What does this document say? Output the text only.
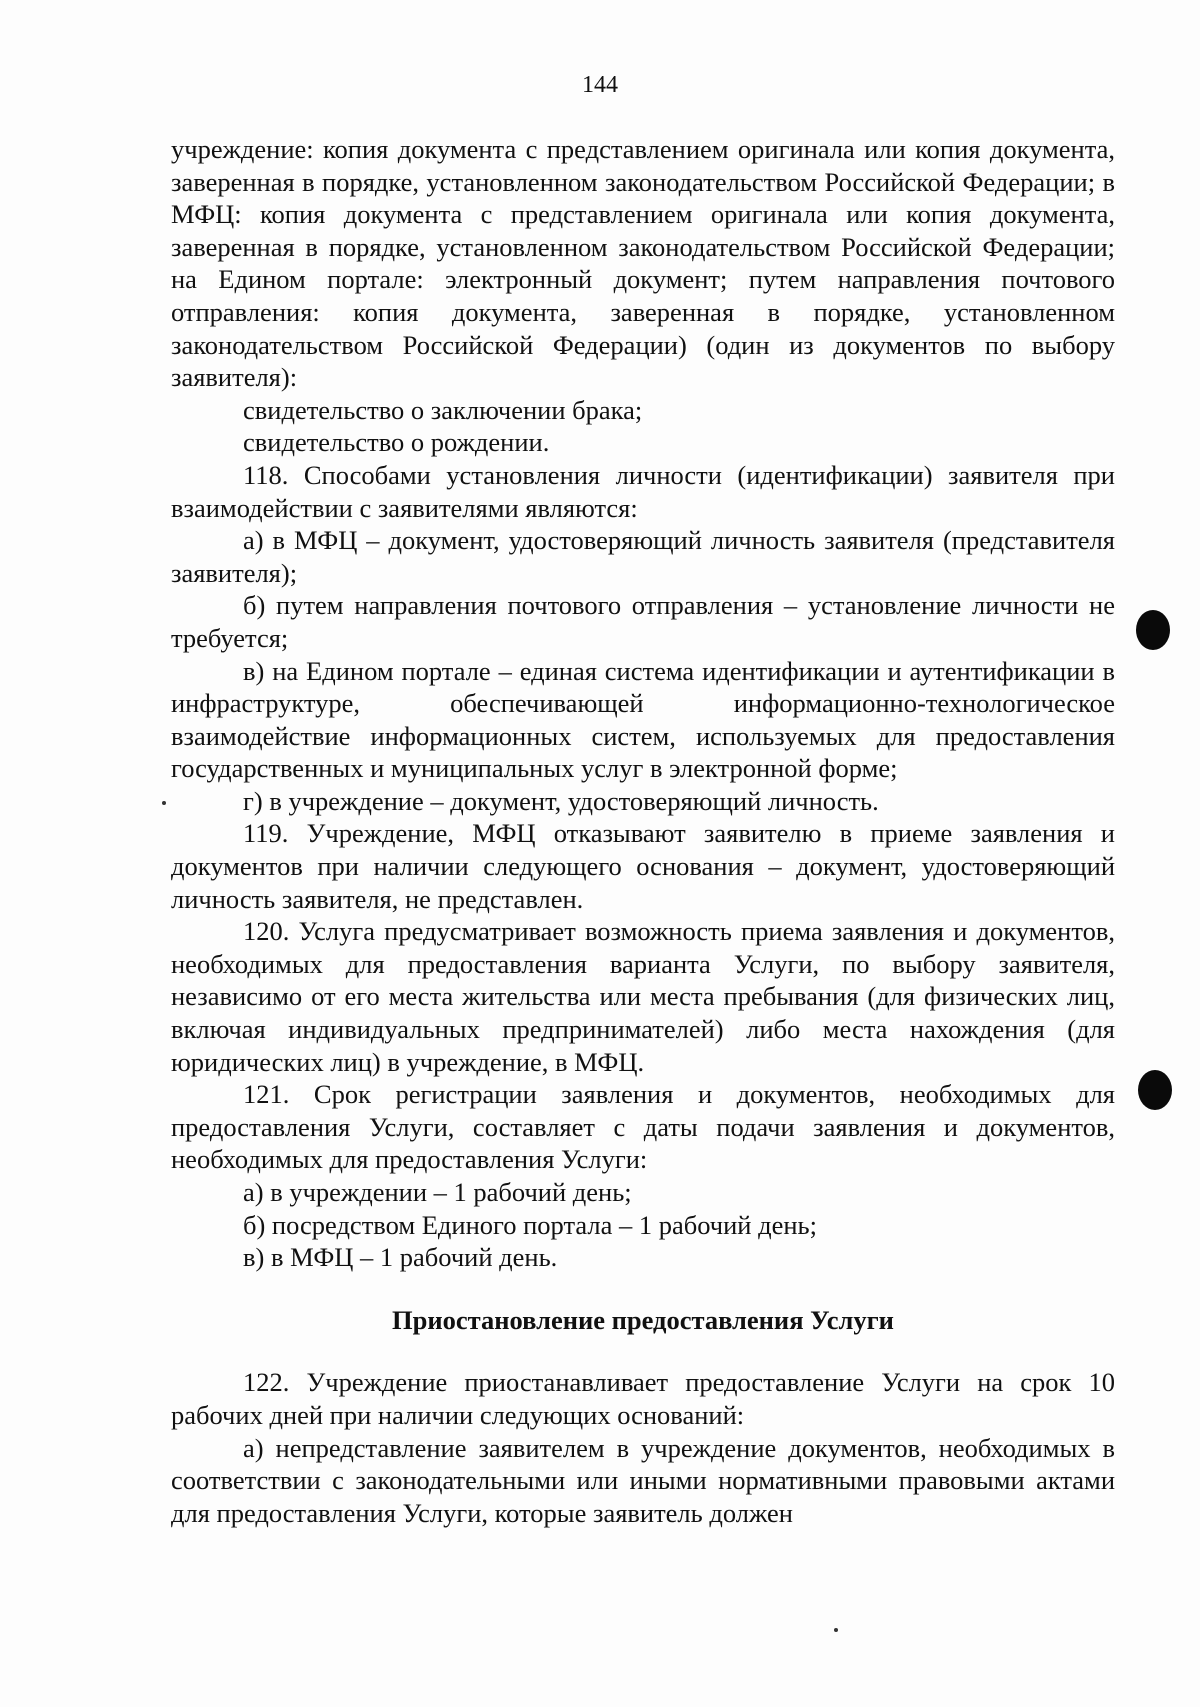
144

учреждение: копия документа с представлением оригинала или копия документа, заверенная в порядке, установленном законодательством Российской Федерации; в МФЦ: копия документа с представлением оригинала или копия документа, заверенная в порядке, установленном законодательством Российской Федерации; на Едином портале: электронный документ; путем направления почтового отправления: копия документа, заверенная в порядке, установленном законодательством Российской Федерации) (один из документов по выбору заявителя):

свидетельство о заключении брака;

свидетельство о рождении.

118. Способами установления личности (идентификации) заявителя при взаимодействии с заявителями являются:

а) в МФЦ – документ, удостоверяющий личность заявителя (представителя заявителя);

б) путем направления почтового отправления – установление личности не требуется;

в) на Едином портале – единая система идентификации и аутентификации в инфраструктуре, обеспечивающей информационно-технологическое взаимодействие информационных систем, используемых для предоставления государственных и муниципальных услуг в электронной форме;

г) в учреждение – документ, удостоверяющий личность.

119. Учреждение, МФЦ отказывают заявителю в приеме заявления и документов при наличии следующего основания – документ, удостоверяющий личность заявителя, не представлен.

120. Услуга предусматривает возможность приема заявления и документов, необходимых для предоставления варианта Услуги, по выбору заявителя, независимо от его места жительства или места пребывания (для физических лиц, включая индивидуальных предпринимателей) либо места нахождения (для юридических лиц) в учреждение, в МФЦ.

121. Срок регистрации заявления и документов, необходимых для предоставления Услуги, составляет с даты подачи заявления и документов, необходимых для предоставления Услуги:

а) в учреждении – 1 рабочий день;

б) посредством Единого портала – 1 рабочий день;

в) в МФЦ – 1 рабочий день.

Приостановление предоставления Услуги

122. Учреждение приостанавливает предоставление Услуги на срок 10 рабочих дней при наличии следующих оснований:

а) непредставление заявителем в учреждение документов, необходимых в соответствии с законодательными или иными нормативными правовыми актами для предоставления Услуги, которые заявитель должен
